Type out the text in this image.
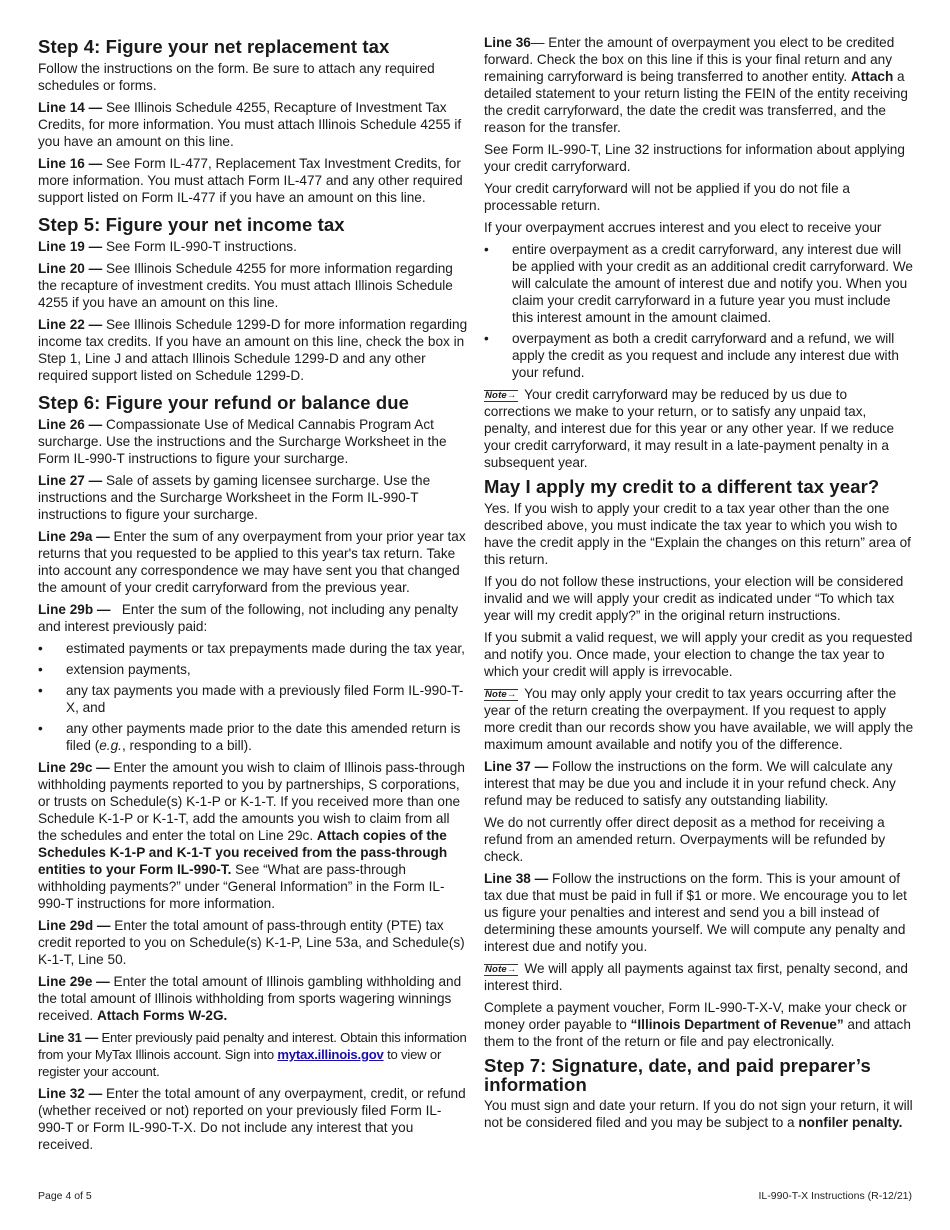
Step 4: Figure your net replacement tax

Follow the instructions on the form. Be sure to attach any required schedules or forms.

Line 14 — See Illinois Schedule 4255, Recapture of Investment Tax Credits, for more information. You must attach Illinois Schedule 4255 if you have an amount on this line.

Line 16 — See Form IL-477, Replacement Tax Investment Credits, for more information. You must attach Form IL-477 and any other required support listed on Form IL-477 if you have an amount on this line.

Step 5: Figure your net income tax

Line 19 — See Form IL-990-T instructions.

Line 20 — See Illinois Schedule 4255 for more information regarding the recapture of investment credits. You must attach Illinois Schedule 4255 if you have an amount on this line.

Line 22 — See Illinois Schedule 1299-D for more information regarding income tax credits. If you have an amount on this line, check the box in Step 1, Line J and attach Illinois Schedule 1299-D and any other required support listed on Schedule 1299-D.

Step 6: Figure your refund or balance due

Line 26 — Compassionate Use of Medical Cannabis Program Act surcharge. Use the instructions and the Surcharge Worksheet in the Form IL-990-T instructions to figure your surcharge.

Line 27 — Sale of assets by gaming licensee surcharge. Use the instructions and the Surcharge Worksheet in the Form IL-990-T instructions to figure your surcharge.

Line 29a — Enter the sum of any overpayment from your prior year tax returns that you requested to be applied to this year's tax return. Take into account any correspondence we may have sent you that changed the amount of your credit carryforward from the previous year.

Line 29b —   Enter the sum of the following, not including any penalty and interest previously paid:

• estimated payments or tax prepayments made during the tax year,
• extension payments,
• any tax payments you made with a previously filed Form IL-990-T-X, and
• any other payments made prior to the date this amended return is filed (e.g., responding to a bill).

Line 29c — Enter the amount you wish to claim of Illinois pass-through withholding payments reported to you by partnerships, S corporations, or trusts on Schedule(s) K-1-P or K-1-T. If you received more than one Schedule K-1-P or K-1-T, add the amounts you wish to claim from all the schedules and enter the total on Line 29c. Attach copies of the Schedules K-1-P and K-1-T you received from the pass-through entities to your Form IL-990-T. See “What are pass-through withholding payments?” under “General Information” in the Form IL-990-T instructions for more information.

Line 29d — Enter the total amount of pass-through entity (PTE) tax credit reported to you on Schedule(s) K-1-P, Line 53a, and Schedule(s) K-1-T, Line 50.

Line 29e — Enter the total amount of Illinois gambling withholding and the total amount of Illinois withholding from sports wagering winnings received. Attach Forms W-2G.

Line 31 — Enter previously paid penalty and interest. Obtain this information from your MyTax Illinois account. Sign into mytax.illinois.gov to view or register your account.

Line 32 — Enter the total amount of any overpayment, credit, or refund (whether received or not) reported on your previously filed Form IL-990-T or Form IL-990-T-X. Do not include any interest that you received.

Line 36— Enter the amount of overpayment you elect to be credited forward. Check the box on this line if this is your final return and any remaining carryforward is being transferred to another entity. Attach a detailed statement to your return listing the FEIN of the entity receiving the credit carryforward, the date the credit was transferred, and the reason for the transfer.

See Form IL-990-T, Line 32 instructions for information about applying your credit carryforward.

Your credit carryforward will not be applied if you do not file a processable return.

If your overpayment accrues interest and you elect to receive your

• entire overpayment as a credit carryforward, any interest due will be applied with your credit as an additional credit carryforward. We will calculate the amount of interest due and notify you. When you claim your credit carryforward in a future year you must include this interest amount in the amount claimed.
• overpayment as both a credit carryforward and a refund, we will apply the credit as you request and include any interest due with your refund.

Note → Your credit carryforward may be reduced by us due to corrections we make to your return, or to satisfy any unpaid tax, penalty, and interest due for this year or any other year. If we reduce your credit carryforward, it may result in a late-payment penalty in a subsequent year.

May I apply my credit to a different tax year?

Yes. If you wish to apply your credit to a tax year other than the one described above, you must indicate the tax year to which you wish to have the credit apply in the “Explain the changes on this return” area of this return.

If you do not follow these instructions, your election will be considered invalid and we will apply your credit as indicated under “To which tax year will my credit apply?” in the original return instructions.

If you submit a valid request, we will apply your credit as you requested and notify you. Once made, your election to change the tax year to which your credit will apply is irrevocable.

Note → You may only apply your credit to tax years occurring after the year of the return creating the overpayment. If you request to apply more credit than our records show you have available, we will apply the maximum amount available and notify you of the difference.

Line 37 — Follow the instructions on the form. We will calculate any interest that may be due you and include it in your refund check. Any refund may be reduced to satisfy any outstanding liability.

We do not currently offer direct deposit as a method for receiving a refund from an amended return. Overpayments will be refunded by check.

Line 38 — Follow the instructions on the form. This is your amount of tax due that must be paid in full if $1 or more. We encourage you to let us figure your penalties and interest and send you a bill instead of determining these amounts yourself. We will compute any penalty and interest due and notify you.

Note → We will apply all payments against tax first, penalty second, and interest third.

Complete a payment voucher, Form IL-990-T-X-V, make your check or money order payable to “Illinois Department of Revenue” and attach them to the front of the return or file and pay electronically.

Step 7: Signature, date, and paid preparer’s information

You must sign and date your return. If you do not sign your return, it will not be considered filed and you may be subject to a nonfiler penalty.

Page 4 of 5	IL-990-T-X Instructions (R-12/21)
